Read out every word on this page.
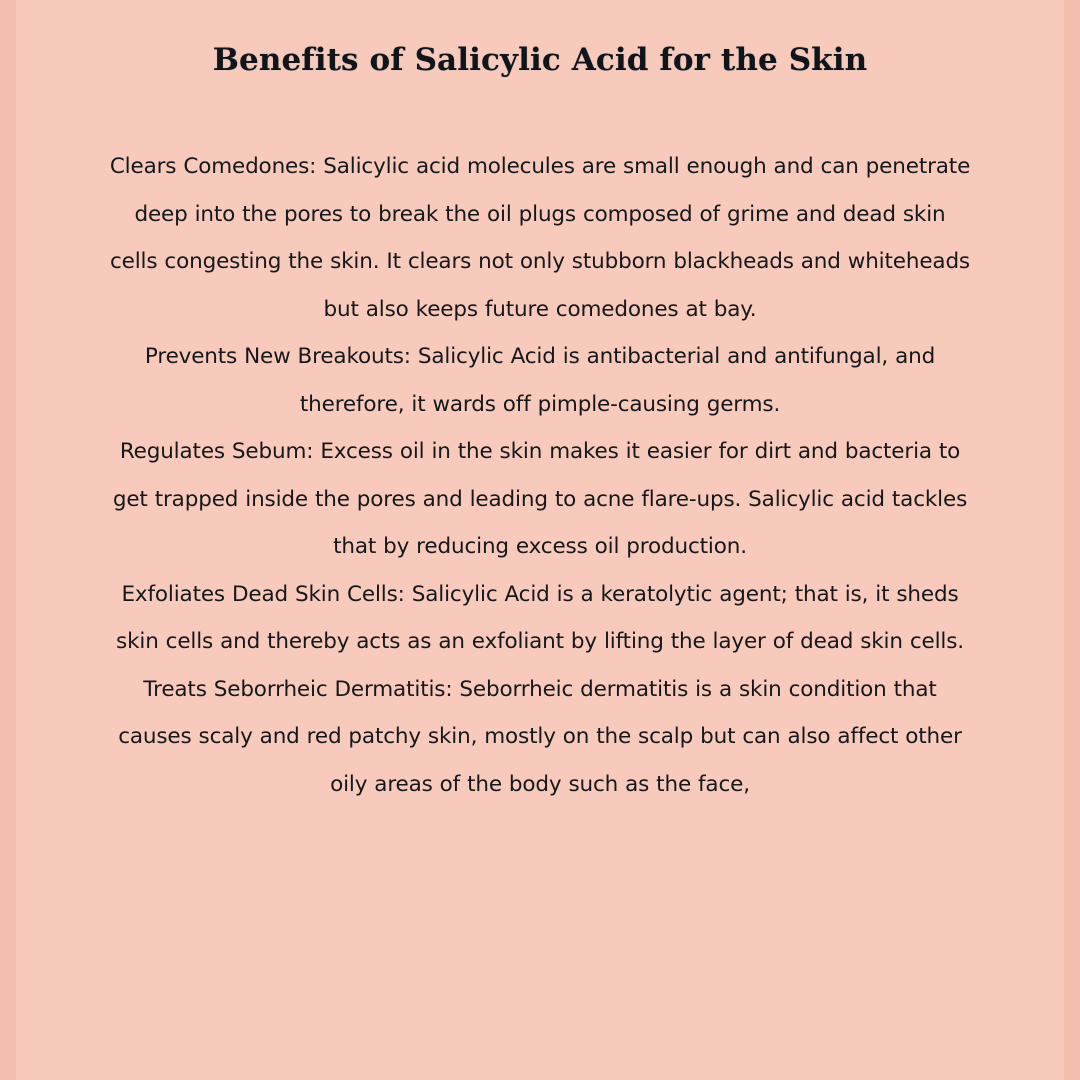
Benefits of Salicylic Acid for the Skin

Clears Comedones: Salicylic acid molecules are small enough and can penetrate deep into the pores to break the oil plugs composed of grime and dead skin cells congesting the skin. It clears not only stubborn blackheads and whiteheads but also keeps future comedones at bay.

Prevents New Breakouts: Salicylic Acid is antibacterial and antifungal, and therefore, it wards off pimple-causing germs.

Regulates Sebum: Excess oil in the skin makes it easier for dirt and bacteria to get trapped inside the pores and leading to acne flare-ups. Salicylic acid tackles that by reducing excess oil production.

Exfoliates Dead Skin Cells: Salicylic Acid is a keratolytic agent; that is, it sheds skin cells and thereby acts as an exfoliant by lifting the layer of dead skin cells.

Treats Seborrheic Dermatitis: Seborrheic dermatitis is a skin condition that causes scaly and red patchy skin, mostly on the scalp but can also affect other oily areas of the body such as the face,
